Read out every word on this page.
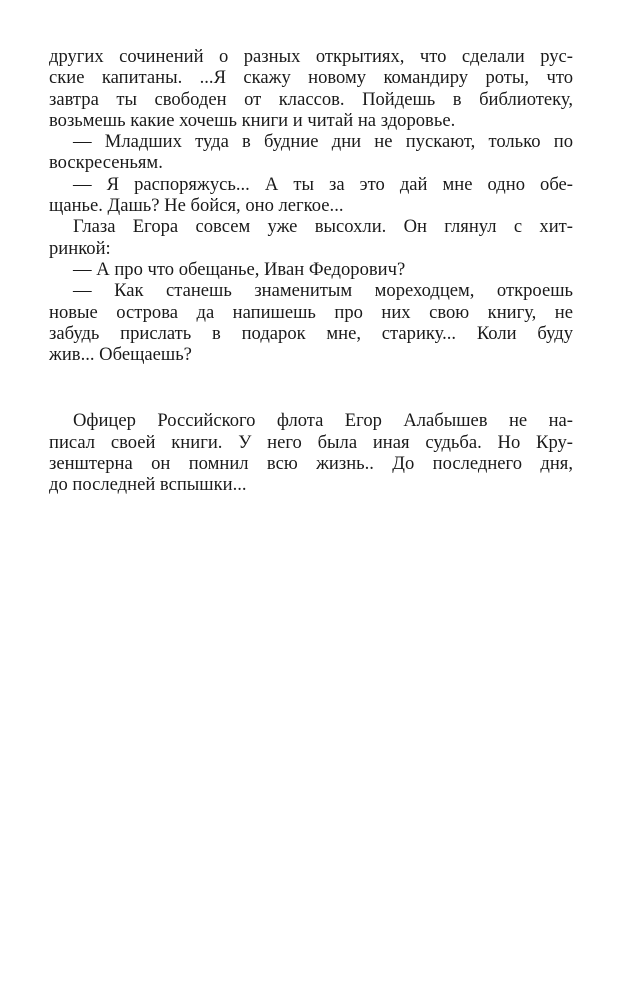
других сочинений о разных открытиях, что сделали рус-
ские капитаны. ...Я скажу новому командиру роты, что
завтра ты свободен от классов. Пойдешь в библиотеку,
возьмешь какие хочешь книги и читай на здоровье.
— Младших туда в будние дни не пускают, только по
воскресеньям.
— Я распоряжусь... А ты за это дай мне одно обе-
щанье. Дашь? Не бойся, оно легкое...
Глаза Егора совсем уже высохли. Он глянул с хит-
ринкой:
— А про что обещанье, Иван Федорович?
— Как станешь знаменитым мореходцем, откроешь
новые острова да напишешь про них свою книгу, не
забудь прислать в подарок мне, старику... Коли буду
жив... Обещаешь?
Офицер Российского флота Егор Алабышев не на-
писал своей книги. У него была иная судьба. Но Кру-
зенштерна он помнил всю жизнь.. До последнего дня,
до последней вспышки...
